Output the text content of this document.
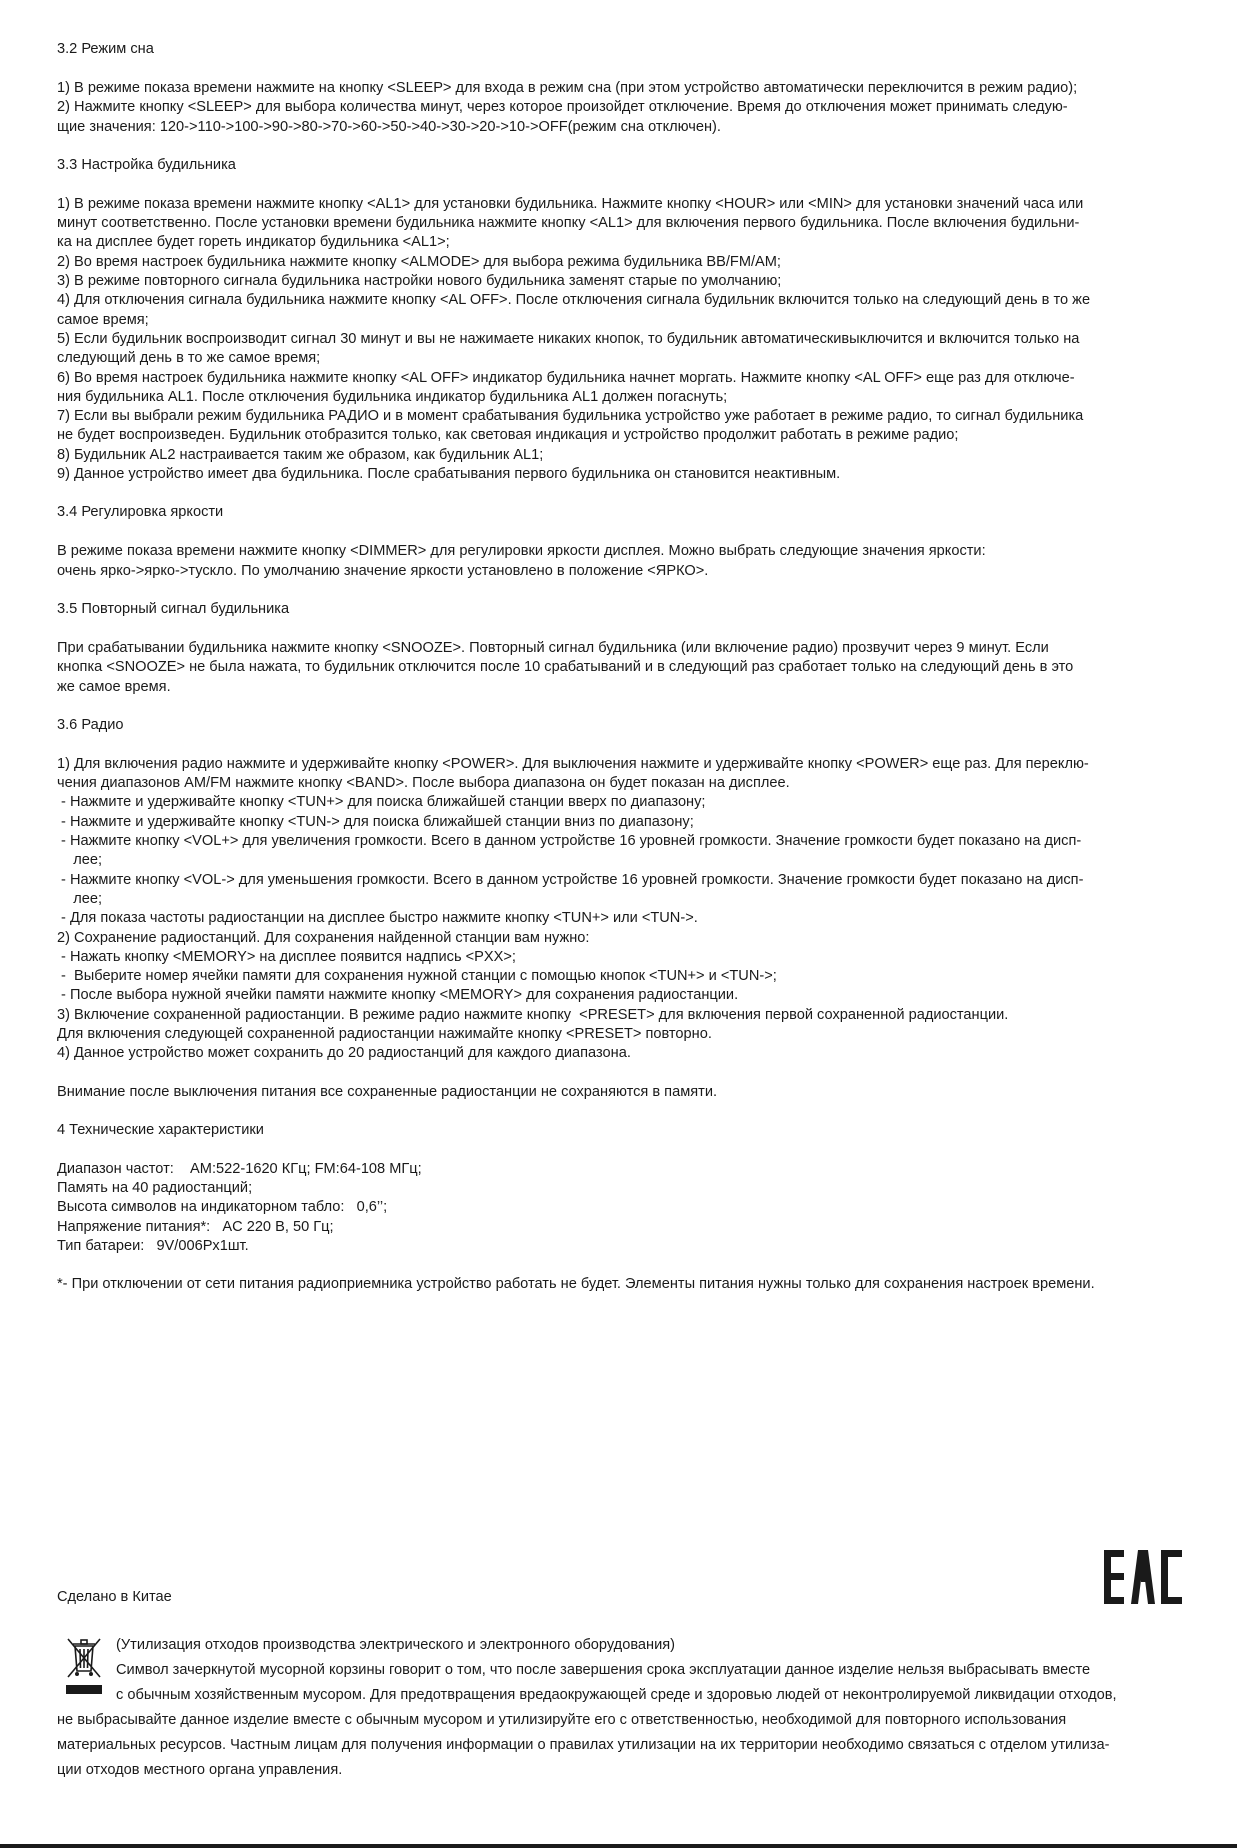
3.2 Режим сна

1) В режиме показа времени нажмите на кнопку <SLEEP> для входа в режим сна (при этом устройство автоматически переключится в режим радио);

2) Нажмите кнопку <SLEEP> для выбора количества минут, через которое произойдет отключение. Время до отключения может принимать следую-

щие значения: 120->110->100->90->80->70->60->50->40->30->20->10->OFF(режим сна отключен).

3.3 Настройка будильника

1) В режиме показа времени нажмите кнопку <AL1> для установки будильника. Нажмите кнопку <HOUR> или <MIN> для установки значений часа или

минут соответственно. После установки времени будильника нажмите кнопку <AL1> для включения первого будильника. После включения будильни-

ка на дисплее будет гореть индикатор будильника <AL1>;

2) Во время настроек будильника нажмите кнопку <ALMODE> для выбора режима будильника BB/FM/AM;

3) В режиме повторного сигнала будильника настройки нового будильника заменят старые по умолчанию;

4) Для отключения сигнала будильника нажмите кнопку <AL OFF>. После отключения сигнала будильник включится только на следующий день в то же

самое время;

5) Если будильник воспроизводит сигнал 30 минут и вы не нажимаете никаких кнопок, то будильник автоматическивыключится и включится только на

следующий день в то же самое время;

6) Во время настроек будильника нажмите кнопку <AL OFF> индикатор будильника начнет моргать. Нажмите кнопку <AL OFF> еще раз для отключе-

ния будильника AL1. После отключения будильника индикатор будильника AL1 должен погаснуть;

7) Если вы выбрали режим будильника РАДИО и в момент срабатывания будильника устройство уже работает в режиме радио, то сигнал будильника

не будет воспроизведен. Будильник отобразится только, как световая индикация и устройство продолжит работать в режиме радио;

8) Будильник AL2 настраивается таким же образом, как будильник AL1;

9) Данное устройство имеет два будильника. После срабатывания первого будильника он становится неактивным.

3.4 Регулировка яркости

В режиме показа времени нажмите кнопку <DIMMER> для регулировки яркости дисплея. Можно выбрать следующие значения яркости:

очень ярко->ярко->тускло. По умолчанию значение яркости установлено в положение <ЯРКО>.

3.5 Повторный сигнал будильника

При срабатывании будильника нажмите кнопку <SNOOZE>. Повторный сигнал будильника (или включение радио) прозвучит через 9 минут. Если

кнопка <SNOOZE> не была нажата, то будильник отключится после 10 срабатываний и в следующий раз сработает только на следующий день в это

же самое время.

3.6 Радио

1) Для включения радио нажмите и удерживайте кнопку <POWER>. Для выключения нажмите и удерживайте кнопку <POWER> еще раз. Для переклю-

чения диапазонов AM/FM нажмите кнопку <BAND>. После выбора диапазона он будет показан на дисплее.

- Нажмите и удерживайте кнопку <TUN+> для поиска ближайшей станции вверх по диапазону;

- Нажмите и удерживайте кнопку <TUN-> для поиска ближайшей станции вниз по диапазону;

- Нажмите кнопку <VOL+> для увеличения громкости. Всего в данном устройстве 16 уровней громкости. Значение громкости будет показано на дисп-

лее;

- Нажмите кнопку <VOL-> для уменьшения громкости. Всего в данном устройстве 16 уровней громкости. Значение громкости будет показано на дисп-

лее;

- Для показа частоты радиостанции на дисплее быстро нажмите кнопку <TUN+> или <TUN->.

2) Сохранение радиостанций. Для сохранения найденной станции вам нужно:

- Нажать кнопку <MEMORY> на дисплее появится надпись <PXX>;

-  Выберите номер ячейки памяти для сохранения нужной станции с помощью кнопок <TUN+> и <TUN->;

- После выбора нужной ячейки памяти нажмите кнопку <MEMORY> для сохранения радиостанции.

3) Включение сохраненной радиостанции. В режиме радио нажмите кнопку  <PRESET> для включения первой сохраненной радиостанции.

Для включения следующей сохраненной радиостанции нажимайте кнопку <PRESET> повторно.

4) Данное устройство может сохранить до 20 радиостанций для каждого диапазона.

Внимание после выключения питания все сохраненные радиостанции не сохраняются в памяти.

4 Технические характеристики

Диапазон частот:    AM:522-1620 КГц; FM:64-108 МГц;

Память на 40 радиостанций;

Высота символов на индикаторном табло:   0,6’’;

Напряжение питания*:   AC 220 В, 50 Гц;

Тип батареи:   9V/006Рх1шт.

*- При отключении от сети питания радиоприемника устройство работать не будет. Элементы питания нужны только для сохранения настроек времени.

Сделано в Китае
(Утилизация отходов производства электрического и электронного оборудования)
Символ зачеркнутой мусорной корзины говорит о том, что после завершения срока эксплуатации данное изделие нельзя выбрасывать вместе
с обычным хозяйственным мусором. Для предотвращения вредаокружающей среде и здоровью людей от неконтролируемой ликвидации отходов,
не выбрасывайте данное изделие вместе с обычным мусором и утилизируйте его с ответственностью, необходимой для повторного использования
материальных ресурсов. Частным лицам для получения информации о правилах утилизации на их территории необходимо связаться с отделом утилиза-
ции отходов местного органа управления.
